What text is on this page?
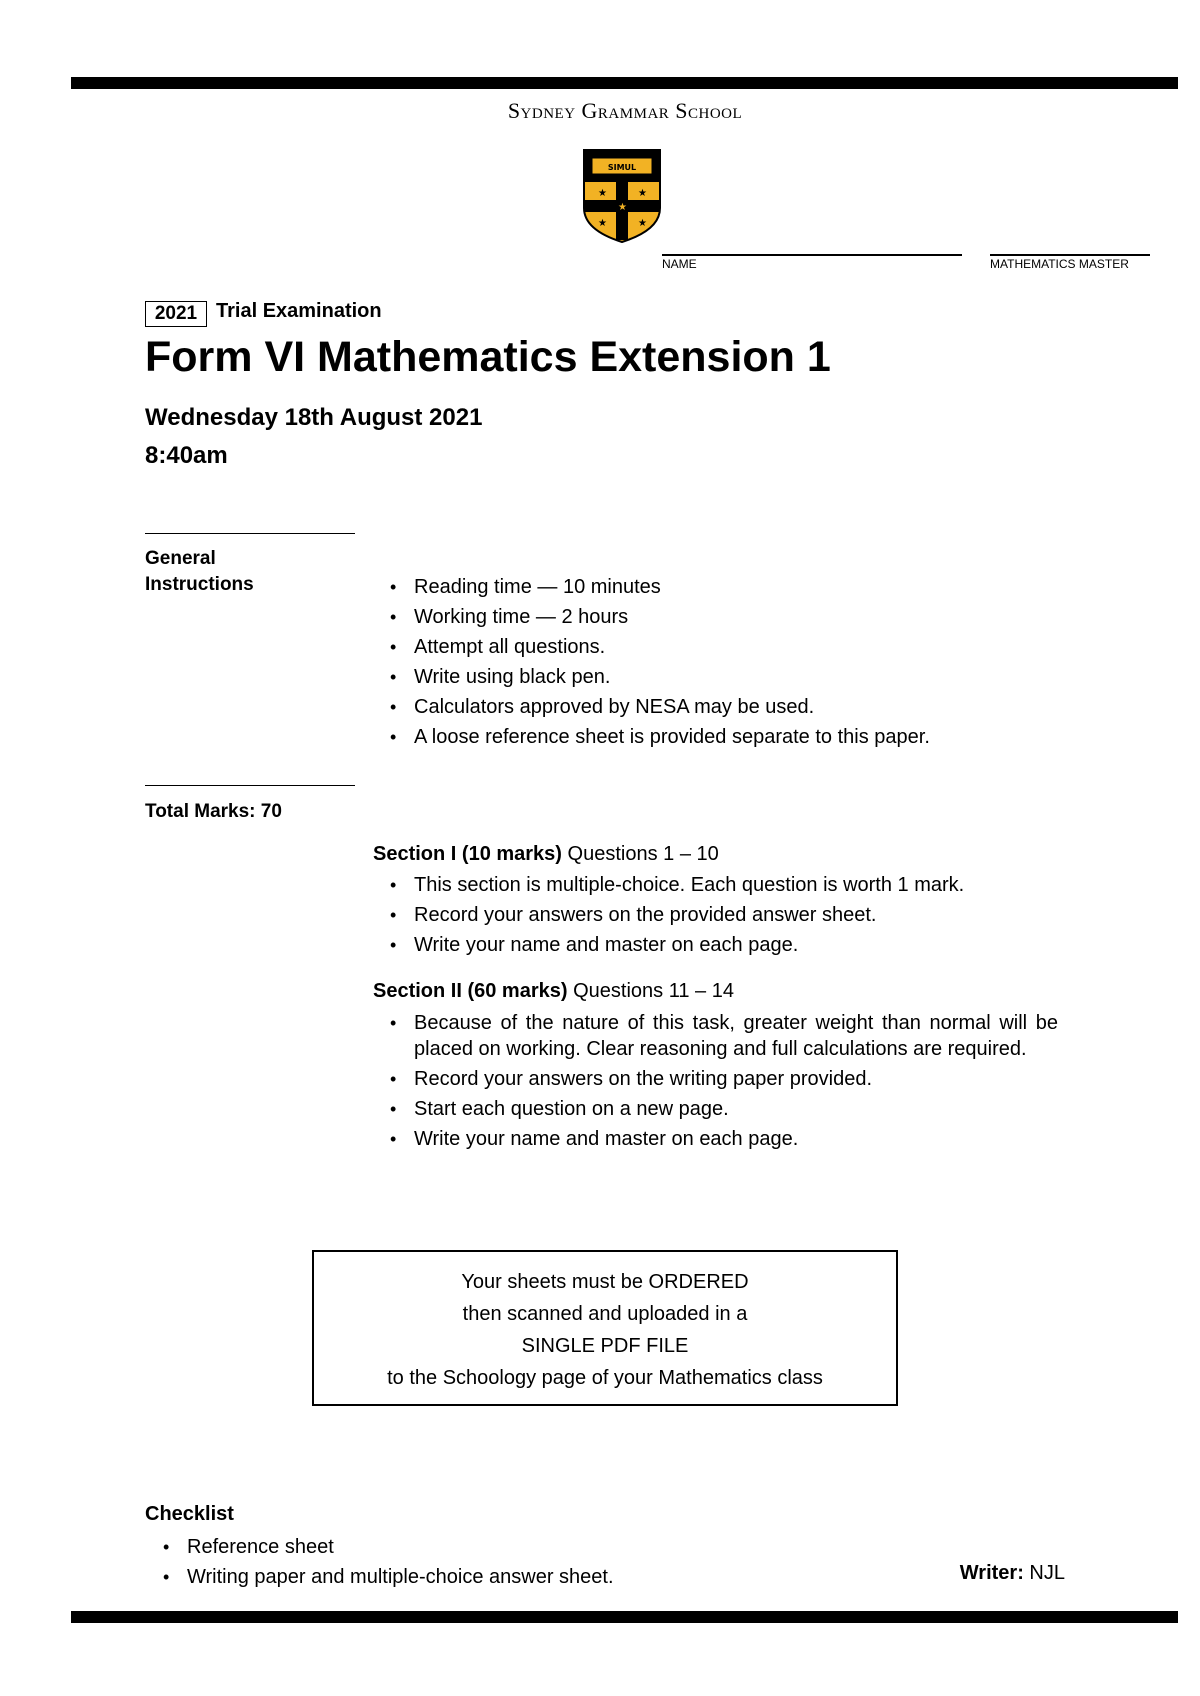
Sydney Grammar School
SIMUL
★	★
★
★	★
NAME	MATHEMATICS MASTER
2021 Trial Examination
Form VI Mathematics Extension 1
Wednesday 18th August 2021
8:40am
General
Instructions
•	Reading time — 10 minutes
• Working time — 2 hours
• Attempt all questions.
• Write using black pen.
• Calculators approved by NESA may be used.
• A loose reference sheet is provided separate to this paper.
Total Marks: 70
Section I (10 marks) Questions 1 – 10
• This section is multiple-choice. Each question is worth 1 mark.
• Record your answers on the provided answer sheet.
• Write your name and master on each page.
Section II (60 marks) Questions 11 – 14
• Because of the nature of this task, greater weight than normal will be placed on working. Clear reasoning and full calculations are required.
• Record your answers on the writing paper provided.
• Start each question on a new page.
• Write your name and master on each page.
Your sheets must be ORDERED
then scanned and uploaded in a
SINGLE PDF FILE
to the Schoology page of your Mathematics class
Checklist
• Reference sheet
• Writing paper and multiple-choice answer sheet.	Writer: NJL
